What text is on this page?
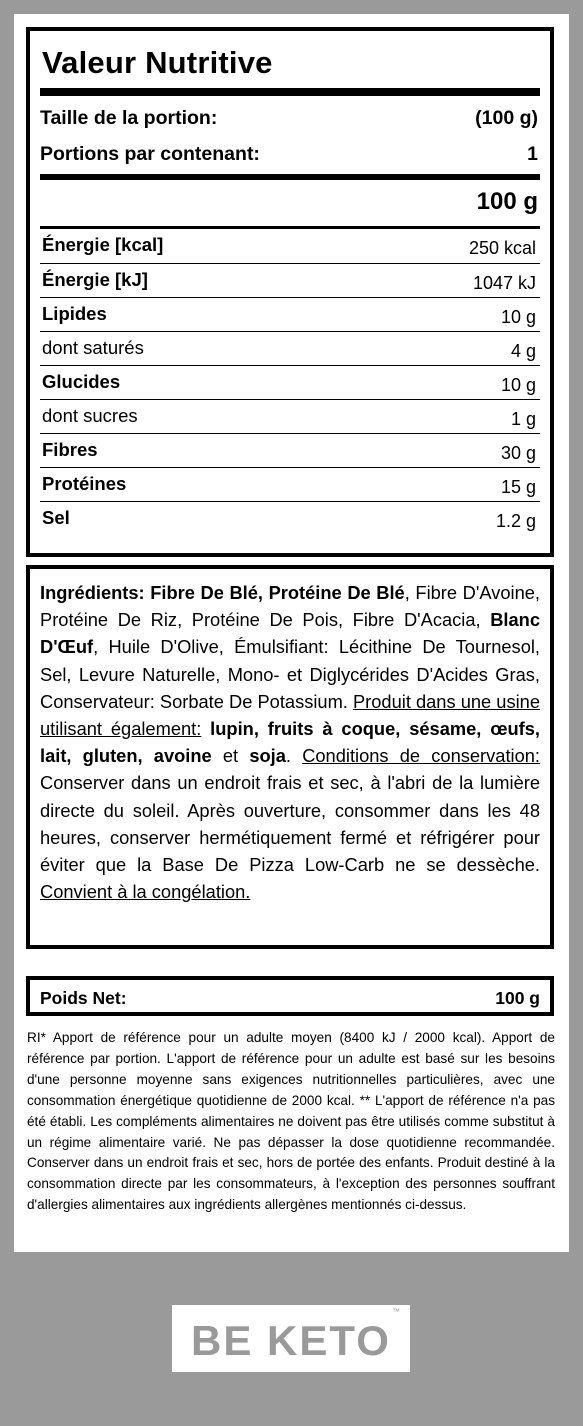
Valeur Nutritive
Taille de la portion:	(100 g)
Portions par contenant:	1
100 g
Énergie [kcal]	250 kcal
Énergie [kJ]	1047 kJ
Lipides	10 g
dont saturés	4 g
Glucides	10 g
dont sucres	1 g
Fibres	30 g
Protéines	15 g
Sel	1.2 g

Ingrédients: Fibre De Blé, Protéine De Blé, Fibre D'Avoine, Protéine De Riz, Protéine De Pois, Fibre D'Acacia, Blanc D'Œuf, Huile D'Olive, Émulsifiant: Lécithine De Tournesol, Sel, Levure Naturelle, Mono- et Diglycérides D'Acides Gras, Conservateur: Sorbate De Potassium. Produit dans une usine utilisant également: lupin, fruits à coque, sésame, œufs, lait, gluten, avoine et soja. Conditions de conservation: Conserver dans un endroit frais et sec, à l'abri de la lumière directe du soleil. Après ouverture, consommer dans les 48 heures, conserver hermétiquement fermé et réfrigérer pour éviter que la Base De Pizza Low-Carb ne se dessèche. Convient à la congélation.

Poids Net:	100 g
RI* Apport de référence pour un adulte moyen (8400 kJ / 2000 kcal). Apport de référence par portion. L'apport de référence pour un adulte est basé sur les besoins d'une personne moyenne sans exigences nutritionnelles particulières, avec une consommation énergétique quotidienne de 2000 kcal. ** L'apport de référence n'a pas été établi. Les compléments alimentaires ne doivent pas être utilisés comme substitut à un régime alimentaire varié. Ne pas dépasser la dose quotidienne recommandée. Conserver dans un endroit frais et sec, hors de portée des enfants. Produit destiné à la consommation directe par les consommateurs, à l'exception des personnes souffrant d'allergies alimentaires aux ingrédients allergènes mentionnés ci-dessus.
BE KETO
™
